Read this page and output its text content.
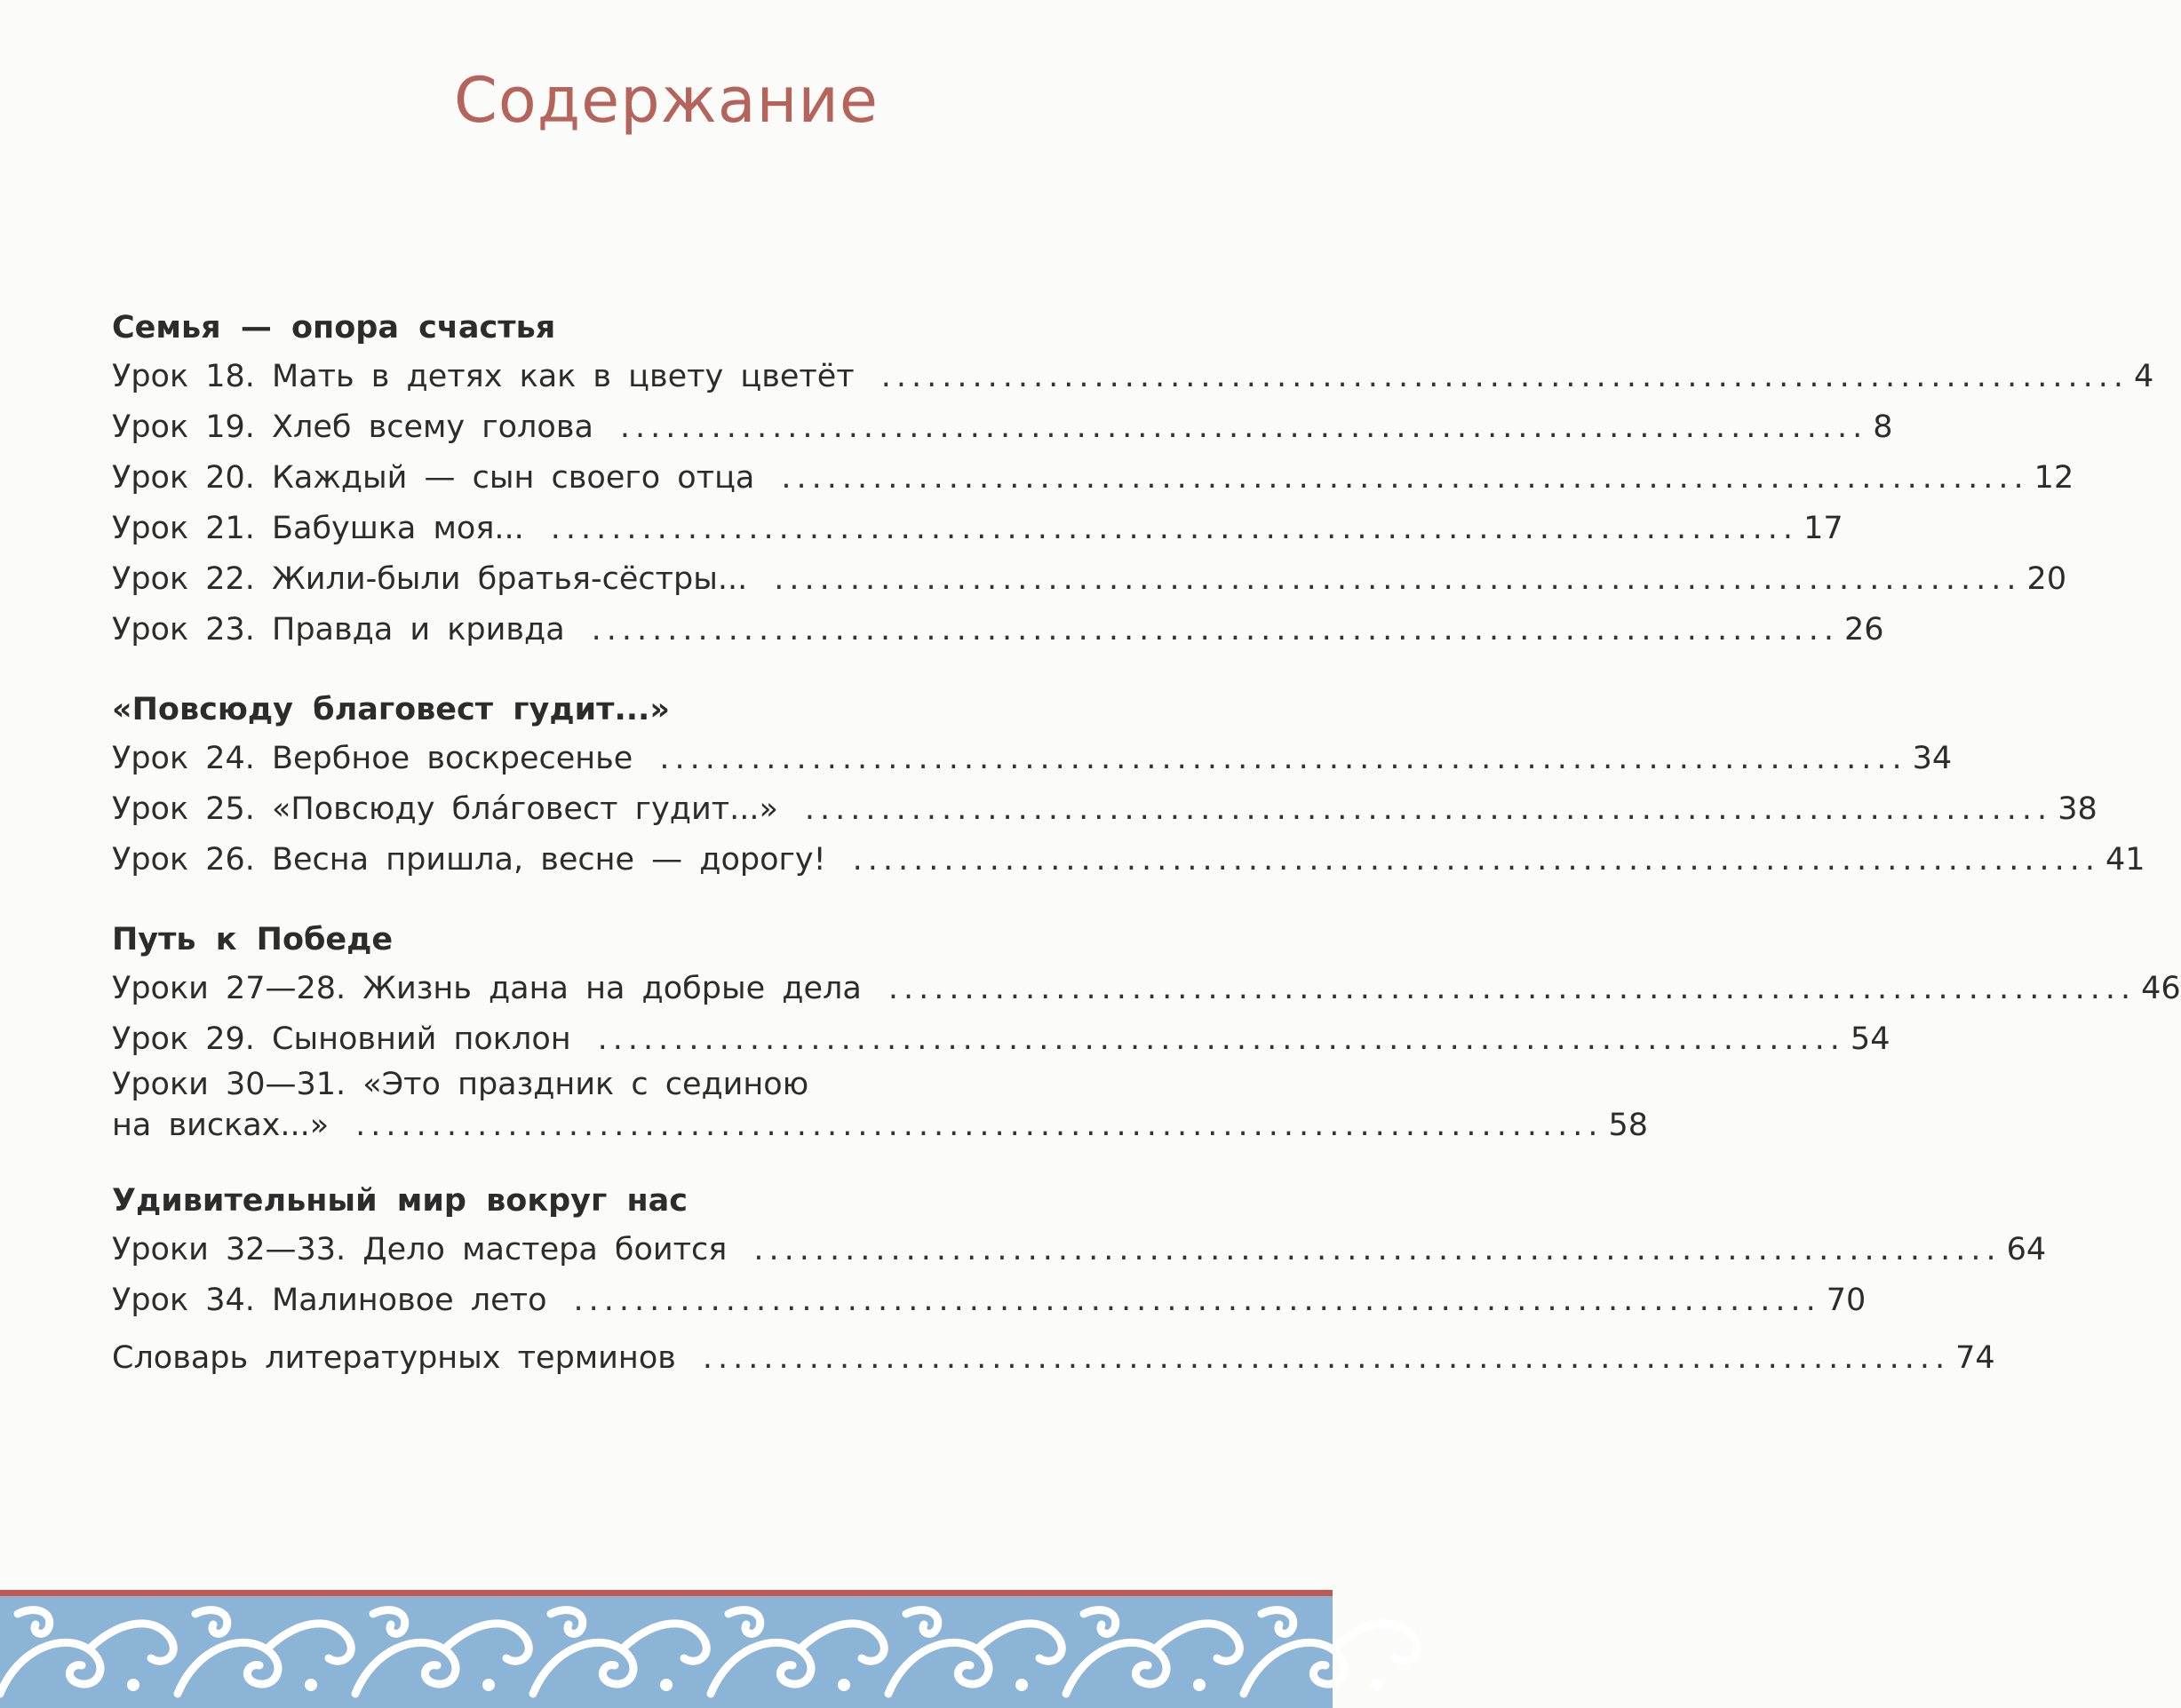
Содержание
Семья — опора счастья
Урок 18. Мать в детях как в цвету цветёт .................................................................................. 4
Урок 19. Хлеб всему голова .................................................................................. 8
Урок 20. Каждый — сын своего отца .................................................................................. 12
Урок 21. Бабушка моя... .................................................................................. 17
Урок 22. Жили-были братья-сёстры... .................................................................................. 20
Урок 23. Правда и кривда .................................................................................. 26
«Повсюду благовест гудит...»
Урок 24. Вербное воскресенье .................................................................................. 34
Урок 25. «Повсюду бла́говест гудит...» .................................................................................. 38
Урок 26. Весна пришла, весне — дорогу! .................................................................................. 41
Путь к Победе
Уроки 27—28. Жизнь дана на добрые дела .................................................................................. 46
Урок 29. Сыновний поклон .................................................................................. 54
Уроки 30—31. «Это праздник с сединою
на висках...» .................................................................................. 58
Удивительный мир вокруг нас
Уроки 32—33. Дело мастера боится .................................................................................. 64
Урок 34. Малиновое лето .................................................................................. 70
Словарь литературных терминов .................................................................................. 74
